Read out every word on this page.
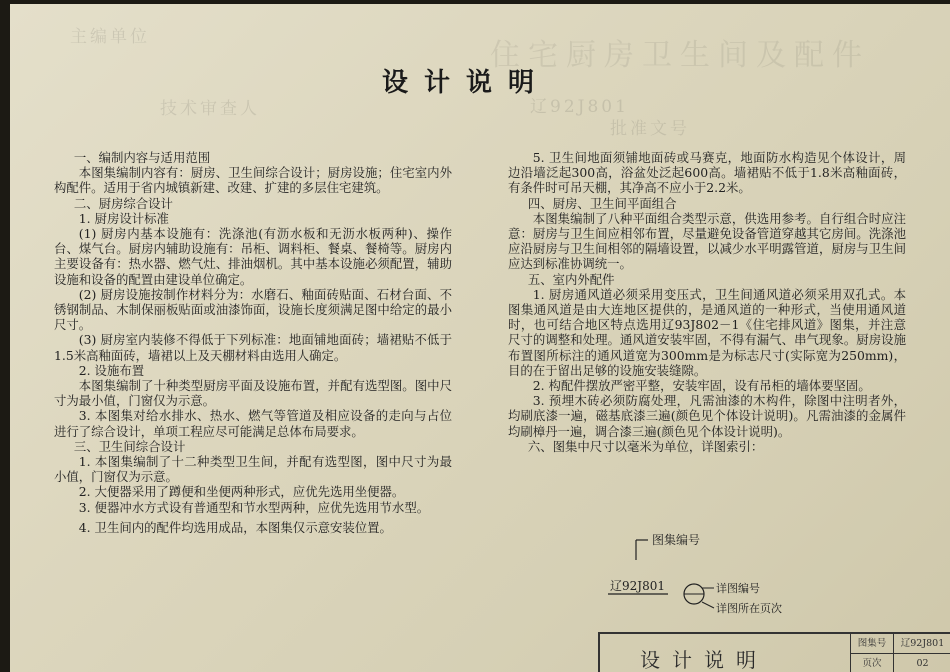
住宅厨房卫生间及配件
辽92J801
批准文号
主编单位
技术审查人
设计说明

一、编制内容与适用范围

本图集编制内容有：厨房、卫生间综合设计；厨房设施；住宅室内外构配件。适用于省内城镇新建、改建、扩建的多层住宅建筑。

二、厨房综合设计

1. 厨房设计标准

(1) 厨房内基本设施有：洗涤池(有沥水板和无沥水板两种)、操作台、煤气台。厨房内辅助设施有：吊柜、调料柜、餐桌、餐椅等。厨房内主要设备有：热水器、燃气灶、排油烟机。其中基本设施必须配置，辅助设施和设备的配置由建设单位确定。

(2) 厨房设施按制作材料分为：水磨石、釉面砖贴面、石材台面、不锈钢制品、木制保丽板贴面或油漆饰面，设施长度须满足图中给定的最小尺寸。

(3) 厨房室内装修不得低于下列标准：地面铺地面砖；墙裙贴不低于1.5米高釉面砖，墙裙以上及天棚材料由选用人确定。

2. 设施布置

本图集编制了十种类型厨房平面及设施布置，并配有选型图。图中尺寸为最小值，门窗仅为示意。

3. 本图集对给水排水、热水、燃气等管道及相应设备的走向与占位进行了综合设计，单项工程应尽可能满足总体布局要求。

三、卫生间综合设计

1. 本图集编制了十二种类型卫生间，并配有选型图，图中尺寸为最小值，门窗仅为示意。

2. 大便器采用了蹲便和坐便两种形式，应优先选用坐便器。

3. 便器冲水方式设有普通型和节水型两种，应优先选用节水型。

4. 卫生间内的配件均选用成品，本图集仅示意安装位置。

5. 卫生间地面须铺地面砖或马赛克，地面防水构造见个体设计，周边沿墙泛起300高，浴盆处泛起600高。墙裙贴不低于1.8米高釉面砖，有条件时可吊天棚，其净高不应小于2.2米。

四、厨房、卫生间平面组合

本图集编制了八种平面组合类型示意，供选用参考。自行组合时应注意：厨房与卫生间应相邻布置，尽量避免设备管道穿越其它房间。洗涤池应沿厨房与卫生间相邻的隔墙设置，以减少水平明露管道，厨房与卫生间应达到标准协调统一。

五、室内外配件

1. 厨房通风道必须采用变压式，卫生间通风道必须采用双孔式。本图集通风道是由大连地区提供的，是通风道的一种形式，当使用通风道时，也可结合地区特点选用辽93J802－1《住宅排风道》图集，并注意尺寸的调整和处理。通风道安装牢固，不得有漏气、串气现象。厨房设施布置图所标注的通风道宽为300mm是为标志尺寸(实际宽为250mm)，目的在于留出足够的设施安装缝隙。

2. 构配件摆放严密平整，安装牢固，设有吊柜的墙体要坚固。

3. 预埋木砖必须防腐处理，凡需油漆的木构件，除图中注明者外，均刷底漆一遍，磁基底漆三遍(颜色见个体设计说明)。凡需油漆的金属件均刷樟丹一遍，调合漆三遍(颜色见个体设计说明)。

六、图集中尺寸以毫米为单位，详图索引：

图集编号
辽92J801	详图编号
详图所在页次
设计说明
图集号	辽92J801
页次	02
